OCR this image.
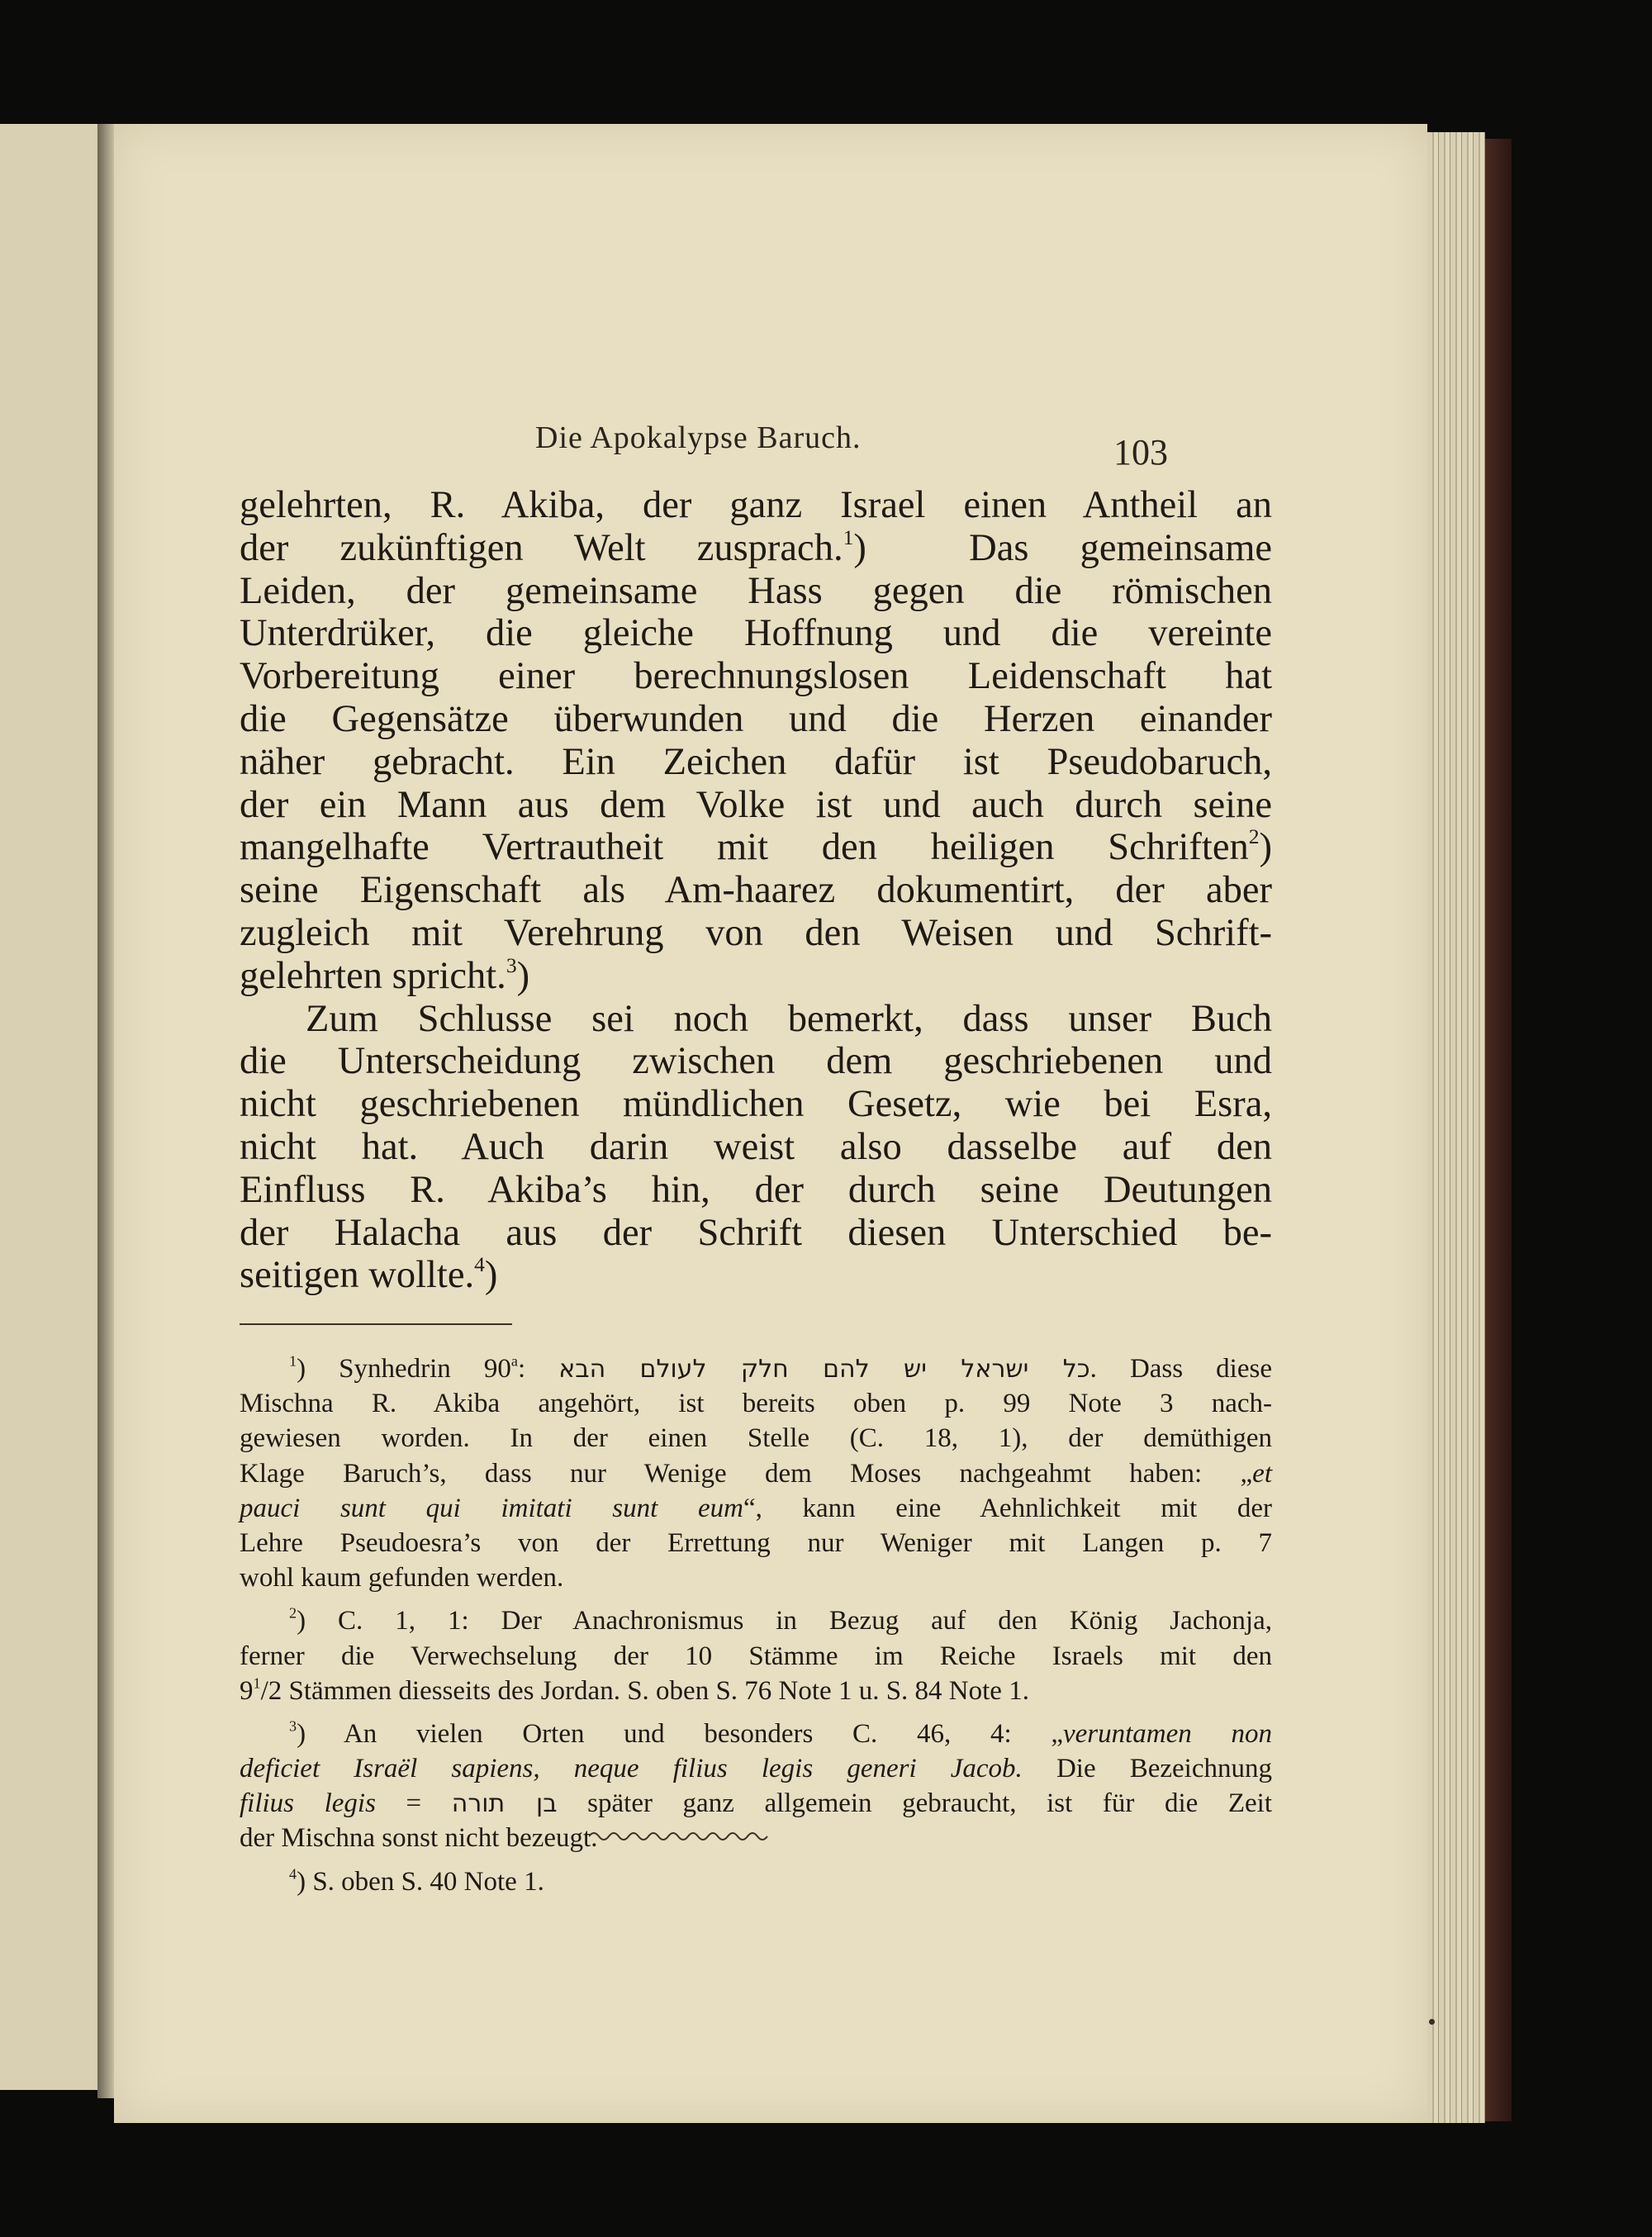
Die Apokalypse Baruch.	103
gelehrten, R. Akiba, der ganz Israel einen Antheil an
der zukünftigen Welt zusprach.$^1$)	Das gemeinsame
Leiden, der gemeinsame Hass gegen die römischen
Unterdrüker, die gleiche Hoffnung und die vereinte
Vorbereitung einer berechnungslosen Leidenschaft hat
die Gegensätze überwunden und die Herzen einander
näher gebracht. Ein Zeichen dafür ist Pseudobaruch,
der ein Mann aus dem Volke ist und auch durch seine
mangelhafte Vertrautheit mit den heiligen Schriften$^2$)
seine Eigenschaft als Am-haarez dokumentirt, der aber
zugleich mit Verehrung von den Weisen und Schrift-
gelehrten spricht.$^3$)
Zum Schlusse sei noch bemerkt, dass unser Buch
die Unterscheidung zwischen dem geschriebenen und
nicht geschriebenen mündlichen Gesetz, wie bei Esra,
nicht hat. Auch darin weist also dasselbe auf den
Einfluss R. Akiba’s hin, der durch seine Deutungen
der Halacha aus der Schrift diesen Unterschied be-
seitigen wollte.$^4$)
$^1$) Synhedrin 90$^a$: כל ישראל יש להם חלק לעולם הבא. Dass diese
Mischna R. Akiba angehört, ist bereits oben p. 99 Note 3 nach-
gewiesen worden. In der einen Stelle (C. 18, 1), der demüthigen
Klage Baruch’s, dass nur Wenige dem Moses nachgeahmt haben: „et
pauci sunt qui imitati sunt eum“, kann eine Aehnlichkeit mit der
Lehre Pseudoesra’s von der Errettung nur Weniger mit Langen p. 7
wohl kaum gefunden werden.
$^2$) C. 1, 1: Der Anachronismus in Bezug auf den König Jachonja,
ferner die Verwechselung der 10 Stämme im Reiche Israels mit den
$9^1/2$ Stämmen diesseits des Jordan. S. oben S. 76 Note 1 u. S. 84 Note 1.
$^3$) An vielen Orten und besonders C. 46, 4: „veruntamen non
deficiet Israël sapiens, neque filius legis generi Jacob. Die Bezeichnung
filius legis = בן תורה später ganz allgemein gebraucht, ist für die Zeit
der Mischna sonst nicht bezeugt.
$^4$) S. oben S. 40 Note 1.
